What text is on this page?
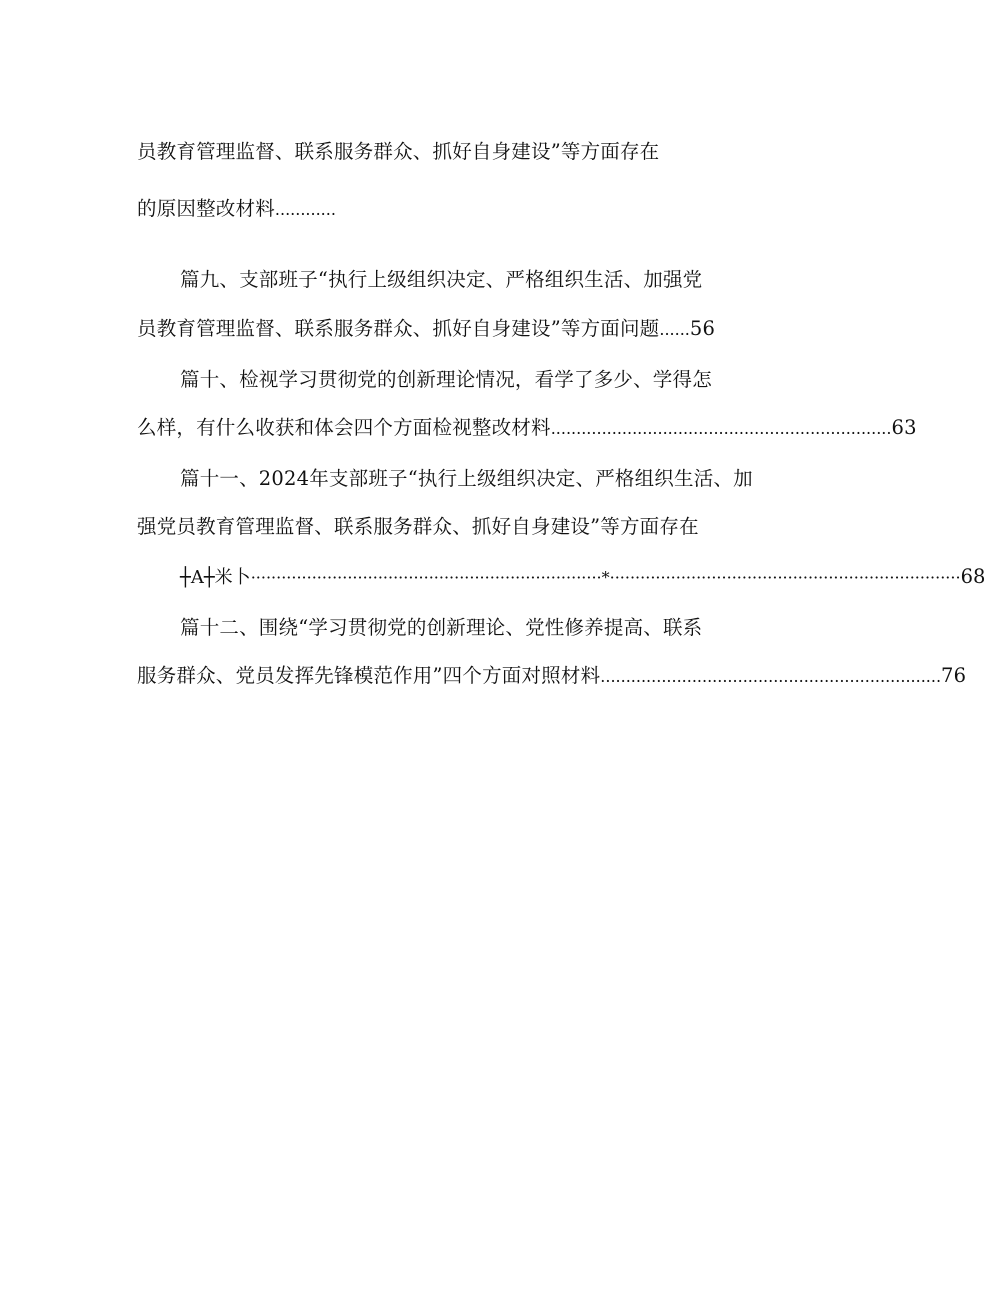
员教育管理监督、联系服务群众、抓好自身建设”等方面存在
的原因整改材料............
篇九、支部班子“执行上级组织决定、严格组织生活、加强党
员教育管理监督、联系服务群众、抓好自身建设”等方面问题......56
篇十、检视学习贯彻党的创新理论情况，看学了多少、学得怎
么样，有什么收获和体会四个方面检视整改材料 ................................................................... 63
篇十一、2024年支部班子“执行上级组织决定、严格组织生活、加
强党员教育管理监督、联系服务群众、抓好自身建设”等方面存在
┼A┼米卜 ····································································· * ····································································· 68
篇十二、围绕“学习贯彻党的创新理论、党性修养提高、联系
服务群众、党员发挥先锋模范作用”四个方面对照材料 ................................................................... 76
